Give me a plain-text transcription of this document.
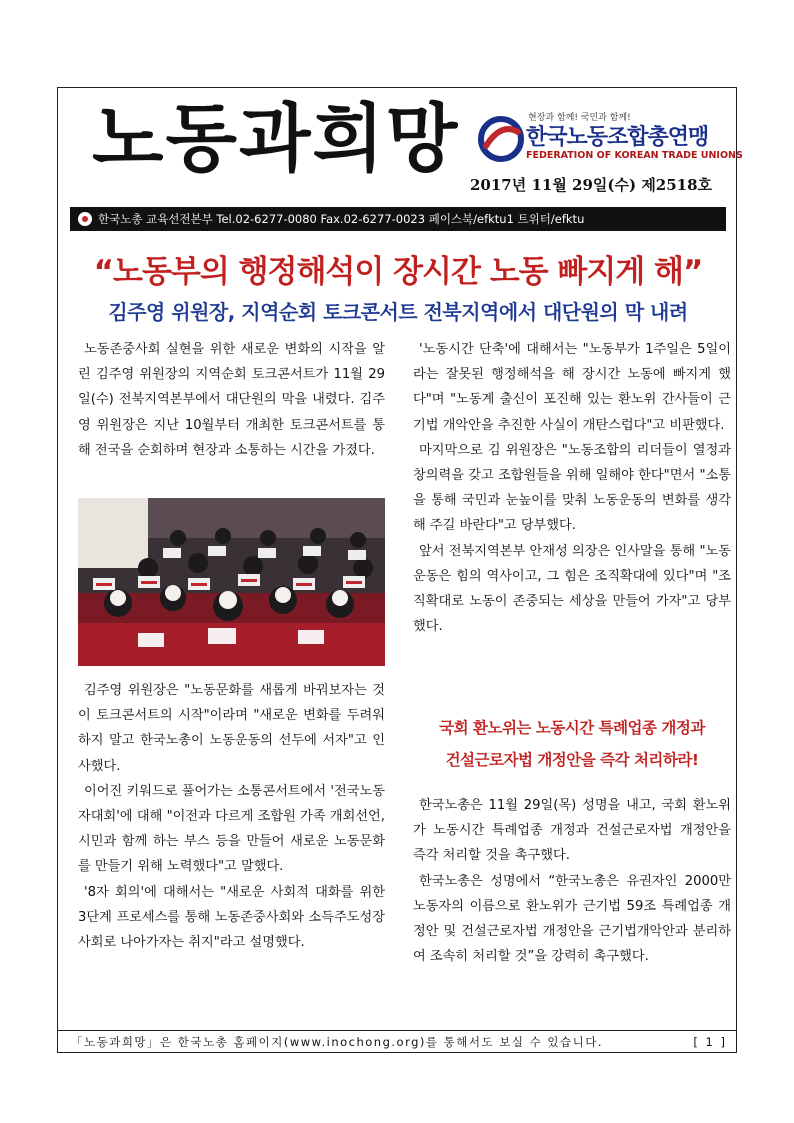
노동과희망	현장과 함께! 국민과 함께!
한국노동조합총연맹
FEDERATION OF KOREAN TRADE UNIONS
2017년 11월 29일(수) 제2518호
한국노총 교육선전본부 Tel.02-6277-0080 Fax.02-6277-0023 페이스북/efktu1 트위터/efktu
“노동부의 행정해석이 장시간 노동 빠지게 해”
김주영 위원장, 지역순회 토크콘서트 전북지역에서 대단원의 막 내려

노동존중사회 실현을 위한 새로운 변화의 시작을 알린 김주영 위원장의 지역순회 토크콘서트가 11월 29일(수) 전북지역본부에서 대단원의 막을 내렸다. 김주영 위원장은 지난 10월부터 개최한 토크콘서트를 통해 전국을 순회하며 현장과 소통하는 시간을 가졌다.

김주영 위원장은 "노동문화를 새롭게 바꿔보자는 것이 토크콘서트의 시작"이라며 "새로운 변화를 두려워하지 말고 한국노총이 노동운동의 선두에 서자"고 인사했다.

이어진 키워드로 풀어가는 소통콘서트에서 '전국노동자대회'에 대해 "이전과 다르게 조합원 가족 개회선언, 시민과 함께 하는 부스 등을 만들어 새로운 노동문화를 만들기 위해 노력했다"고 말했다.

'8자 회의'에 대해서는 "새로운 사회적 대화를 위한 3단계 프로세스를 통해 노동존중사회와 소득주도성장사회로 나아가자는 취지"라고 설명했다.

'노동시간 단축'에 대해서는 "노동부가 1주일은 5일이라는 잘못된 행정해석을 해 장시간 노동에 빠지게 했다"며 "노동계 출신이 포진해 있는 환노위 간사들이 근기법 개악안을 추진한 사실이 개탄스럽다"고 비판했다.

마지막으로 김 위원장은 "노동조합의 리더들이 열정과 창의력을 갖고 조합원들을 위해 일해야 한다"면서 "소통을 통해 국민과 눈높이를 맞춰 노동운동의 변화를 생각해 주길 바란다"고 당부했다.

앞서 전북지역본부 안재성 의장은 인사말을 통해 "노동운동은 힘의 역사이고, 그 힘은 조직확대에 있다"며 "조직확대로 노동이 존중되는 세상을 만들어 가자"고 당부했다.

국회 환노위는 노동시간 특례업종 개정과
건설근로자법 개정안을 즉각 처리하라!

한국노총은 11월 29일(목) 성명을 내고, 국회 환노위가 노동시간 특례업종 개정과 건설근로자법 개정안을 즉각 처리할 것을 촉구했다.

한국노총은 성명에서 “한국노총은 유권자인 2000만 노동자의 이름으로 환노위가 근기법 59조 특례업종 개정안 및 건설근로자법 개정안을 근기법개악안과 분리하여 조속히 처리할 것”을 강력히 촉구했다.

「노동과희망」은 한국노총 홈페이지(www.inochong.org)를 통해서도 보실 수 있습니다.	[ 1 ]
